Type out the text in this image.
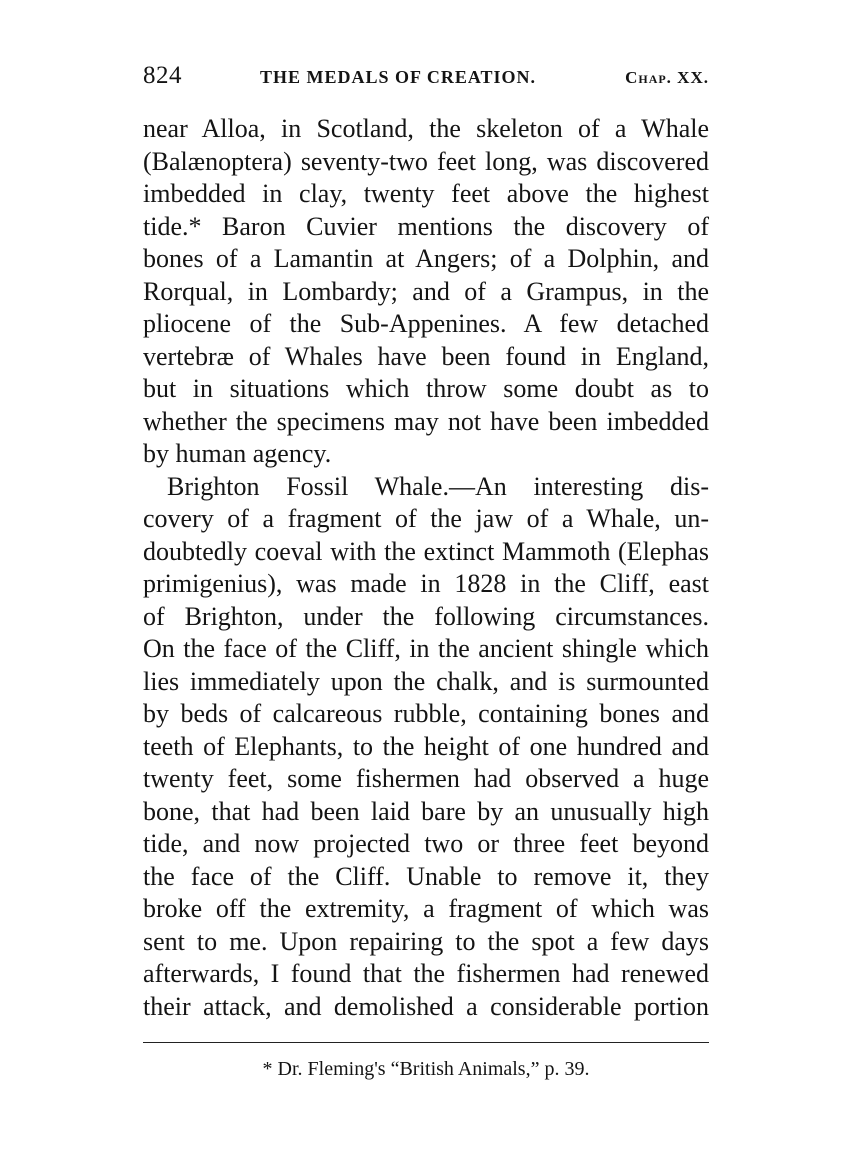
824	THE MEDALS OF CREATION.	Chap. XX.
near Alloa, in Scotland, the skeleton of a Whale
(Balænoptera) seventy-two feet long, was discovered
imbedded in clay, twenty feet above the highest
tide.* Baron Cuvier mentions the discovery of
bones of a Lamantin at Angers; of a Dolphin, and
Rorqual, in Lombardy; and of a Grampus, in the
pliocene of the Sub-Appenines. A few detached
vertebræ of Whales have been found in England,
but in situations which throw some doubt as to
whether the specimens may not have been imbedded
by human agency.
Brighton Fossil Whale.—An interesting dis-
covery of a fragment of the jaw of a Whale, un-
doubtedly coeval with the extinct Mammoth (Elephas
primigenius), was made in 1828 in the Cliff, east
of Brighton, under the following circumstances.
On the face of the Cliff, in the ancient shingle which
lies immediately upon the chalk, and is surmounted
by beds of calcareous rubble, containing bones and
teeth of Elephants, to the height of one hundred and
twenty feet, some fishermen had observed a huge
bone, that had been laid bare by an unusually high
tide, and now projected two or three feet beyond
the face of the Cliff. Unable to remove it, they
broke off the extremity, a fragment of which was
sent to me. Upon repairing to the spot a few days
afterwards, I found that the fishermen had renewed
their attack, and demolished a considerable portion
* Dr. Fleming's “British Animals,” p. 39.
